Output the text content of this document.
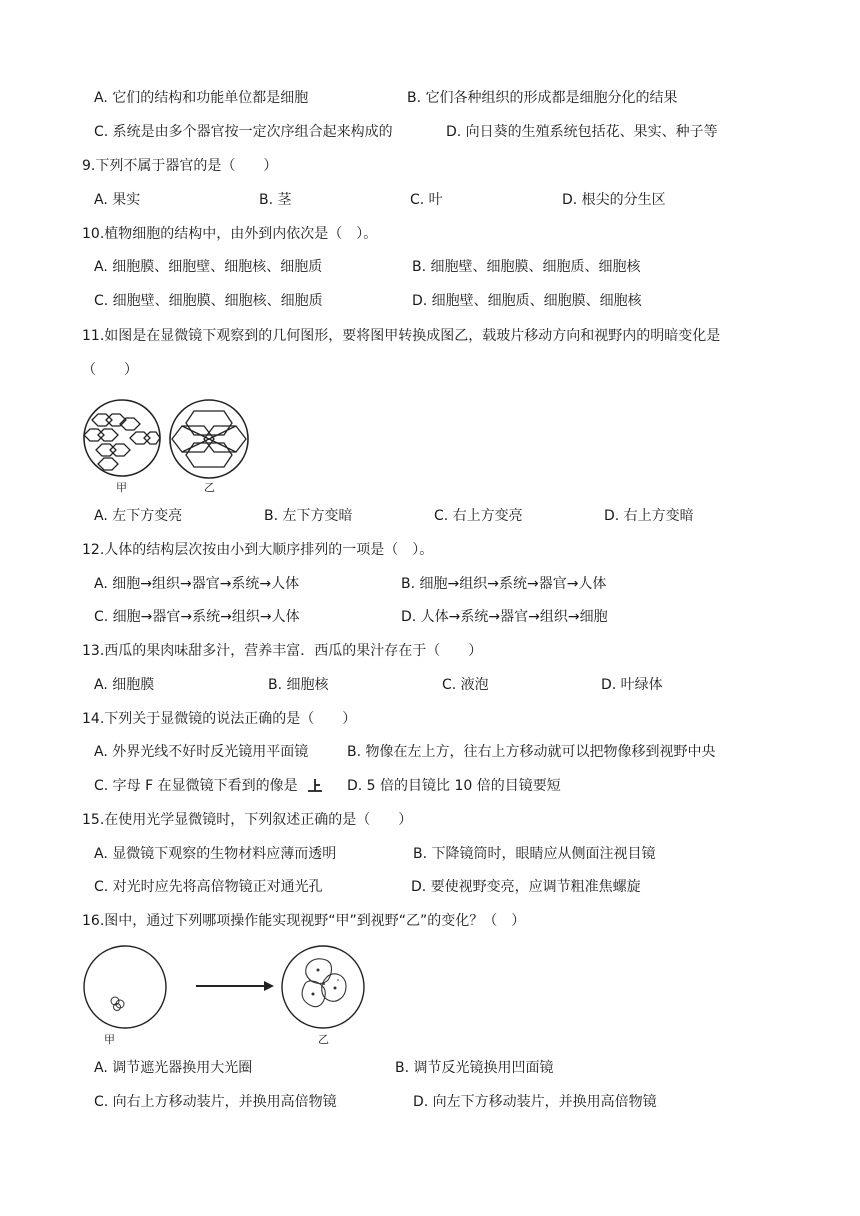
A. 它们的结构和功能单位都是细胞	B. 它们各种组织的形成都是细胞分化的结果
C. 系统是由多个器官按一定次序组合起来构成的	D. 向日葵的生殖系统包括花、果实、种子等
9.下列不属于器官的是（　　）
A. 果实	B. 茎	C. 叶	D. 根尖的分生区
10.植物细胞的结构中，由外到内依次是（　）。
A. 细胞膜、细胞壁、细胞核、细胞质	B. 细胞壁、细胞膜、细胞质、细胞核
C. 细胞壁、细胞膜、细胞核、细胞质	D. 细胞壁、细胞质、细胞膜、细胞核
11.如图是在显微镜下观察到的几何图形，要将图甲转换成图乙，载玻片移动方向和视野内的明暗变化是
（　　）
甲	乙
A. 左下方变亮	B. 左下方变暗	C. 右上方变亮	D. 右上方变暗
12.人体的结构层次按由小到大顺序排列的一项是（　）。
A. 细胞→组织→器官→系统→人体	B. 细胞→组织→系统→器官→人体
C. 细胞→器官→系统→组织→人体	D. 人体→系统→器官→组织→细胞
13.西瓜的果肉味甜多汁，营养丰富．西瓜的果汁存在于（　　）
A. 细胞膜	B. 细胞核	C. 液泡	D. 叶绿体
14.下列关于显微镜的说法正确的是（　　）
A. 外界光线不好时反光镜用平面镜	B. 物像在左上方，往右上方移动就可以把物像移到视野中央
C. 字母 F 在显微镜下看到的像是	D. 5 倍的目镜比 10 倍的目镜要短
15.在使用光学显微镜时，下列叙述正确的是（　　）
A. 显微镜下观察的生物材料应薄而透明	B. 下降镜筒时，眼睛应从侧面注视目镜
C. 对光时应先将高倍物镜正对通光孔	D. 要使视野变亮，应调节粗准焦螺旋
16.图中，通过下列哪项操作能实现视野“甲”到视野“乙”的变化？（　）
甲	乙
A. 调节遮光器换用大光圈	B. 调节反光镜换用凹面镜
C. 向右上方移动装片，并换用高倍物镜	D. 向左下方移动装片，并换用高倍物镜
